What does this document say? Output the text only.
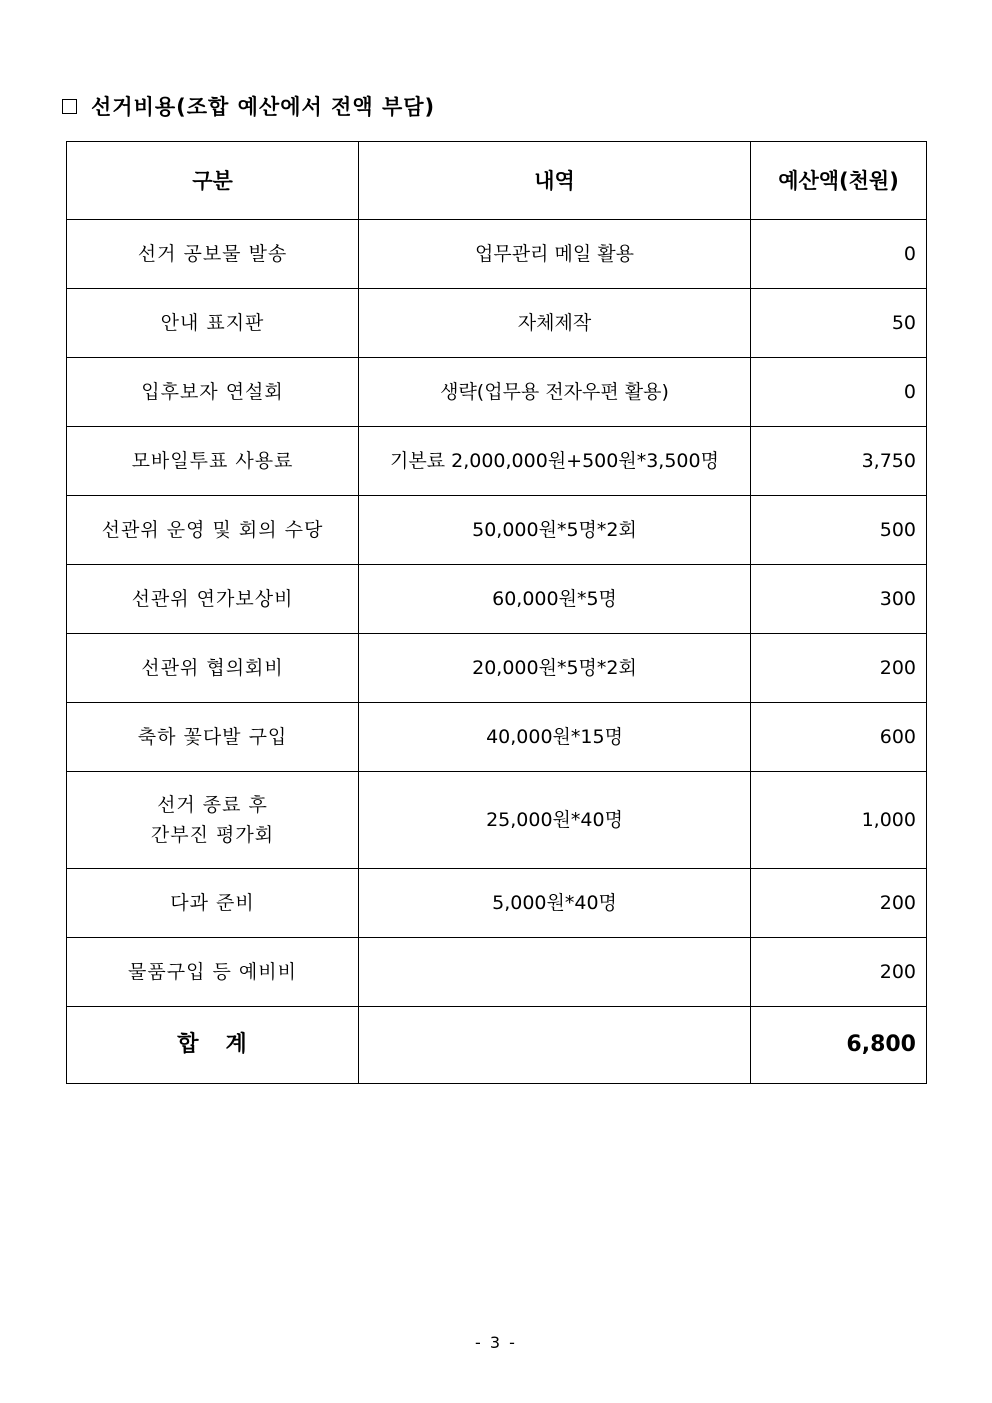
선거비용(조합 예산에서 전액 부담)
구분	내역	예산액(천원)

선거 공보물 발송	업무관리 메일 활용	0

안내 표지판	자체제작	50

입후보자 연설회	생략(업무용 전자우편 활용)	0

모바일투표 사용료	기본료 2,000,000원+500원*3,500명	3,750

선관위 운영 및 회의 수당	50,000원*5명*2회	500

선관위 연가보상비	60,000원*5명	300

선관위 협의회비	20,000원*5명*2회	200

축하 꽃다발 구입	40,000원*15명	600

선거 종료 후
간부진 평가회	25,000원*40명	1,000

다과 준비	5,000원*40명	200

물품구입 등 예비비		200
합   계		6,800
- 3 -
